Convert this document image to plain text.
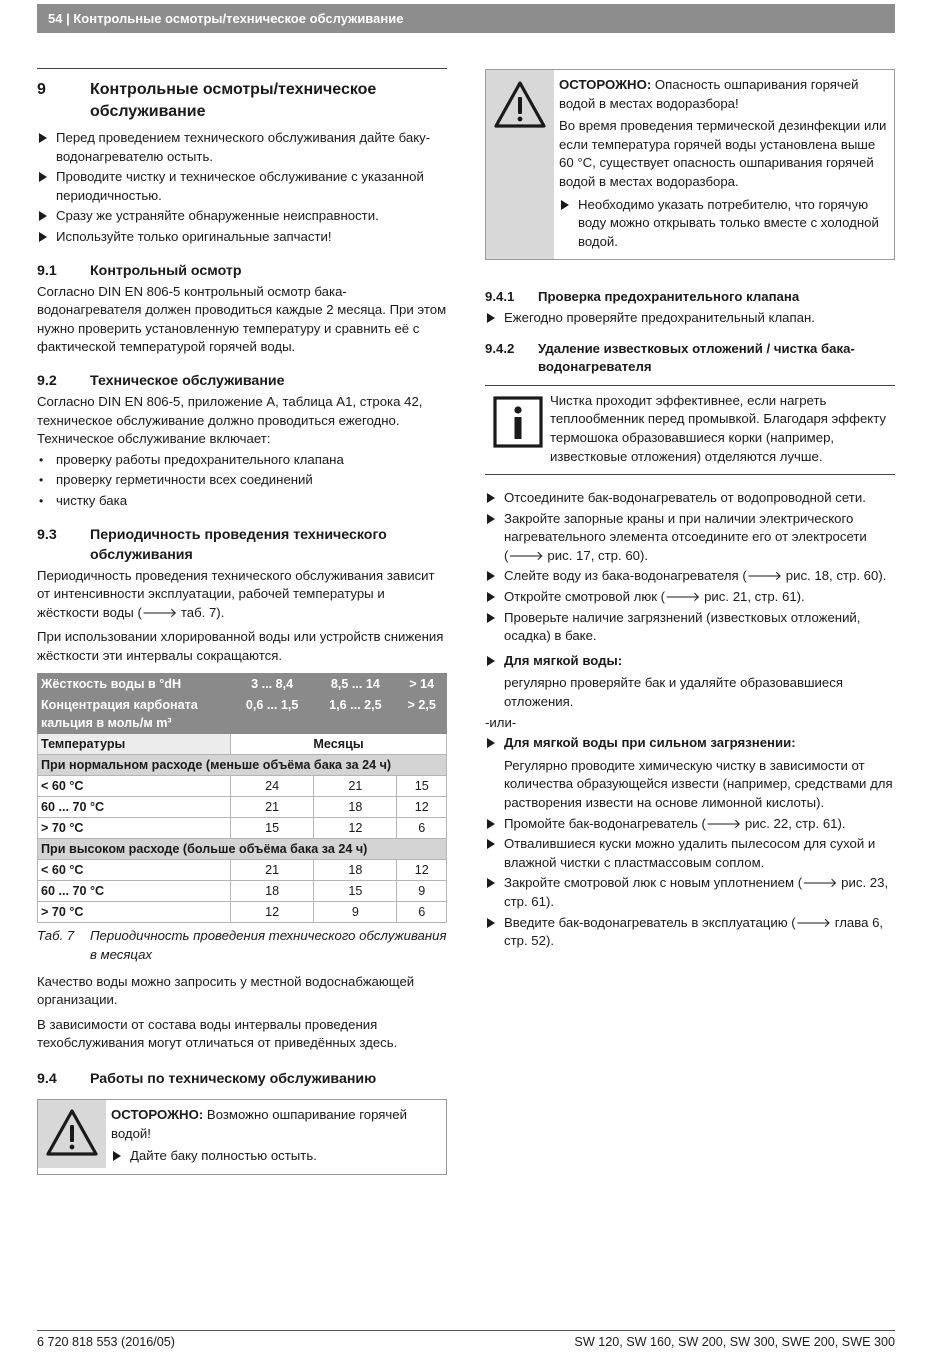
54 | Контрольные осмотры/техническое обслуживание
9	Контрольные осмотры/техническое обслуживание
Перед проведением технического обслуживания дайте баку-водонагревателю остыть.
Проводите чистку и техническое обслуживание с указанной периодичностью.
Сразу же устраняйте обнаруженные неисправности.
Используйте только оригинальные запчасти!
9.1	Контрольный осмотр

Согласно DIN EN 806-5 контрольный осмотр бака-водонагревателя должен проводиться каждые 2 месяца. При этом нужно проверить установленную температуру и сравнить её с фактической температурой горячей воды.

9.2	Техническое обслуживание

Согласно DIN EN 806-5, приложение A, таблица A1, строка 42, техническое обслуживание должно проводиться ежегодно. Техническое обслуживание включает:

• проверку работы предохранительного клапана
• проверку герметичности всех соединений
• чистку бака
9.3	Периодичность проведения технического обслуживания

Периодичность проведения технического обслуживания зависит от интенсивности эксплуатации, рабочей температуры и жёсткости воды (🡒 таб. 7).

При использовании хлорированной воды или устройств снижения жёсткости эти интервалы сокращаются.

Жёсткость воды в °dH	3 ... 8,4	8,5 ... 14	> 14
Концентрация карбоната кальция в моль/м m³	0,6 ... 1,5	1,6 ... 2,5	> 2,5
Температуры	Месяцы		
При нормальном расходе (меньше объёма бака за 24 ч)			
< 60 °C	24	21	15
60 ... 70 °C	21	18	12
> 70 °C	15	12	6
При высоком расходе (больше объёма бака за 24 ч)			
< 60 °C	21	18	12
60 ... 70 °C	18	15	9
> 70 °C	12	9	6
Таб. 7	Периодичность проведения технического обслуживания в месяцах

Качество воды можно запросить у местной водоснабжающей организации.

В зависимости от состава воды интервалы проведения техобслуживания могут отличаться от приведённых здесь.

9.4	Работы по техническому обслуживанию

ОСТОРОЖНО: Возможно ошпаривание горячей водой!

Дайте баку полностью остыть.

ОСТОРОЖНО: Опасность ошпаривания горячей водой в местах водоразбора!

Во время проведения термической дезинфекции или если температура горячей воды установлена выше 60 °C, существует опасность ошпаривания горячей водой в местах водоразбора.

Необходимо указать потребителю, что горячую воду можно открывать только вместе с холодной водой.
9.4.1	Проверка предохранительного клапана
Ежегодно проверяйте предохранительный клапан.
9.4.2	Удаление известковых отложений / чистка бака-водонагревателя
Чистка проходит эффективнее, если нагреть теплообменник перед промывкой. Благодаря эффекту термошока образовавшиеся корки (например, известковые отложения) отделяются лучше.
Отсоедините бак-водонагреватель от водопроводной сети.
Закройте запорные краны и при наличии электрического нагревательного элемента отсоедините его от электросети (🡒 рис. 17, стр. 60).
Слейте воду из бака-водонагревателя (🡒 рис. 18, стр. 60).
Откройте смотровой люк (🡒 рис. 21, стр. 61).
Проверьте наличие загрязнений (известковых отложений, осадка) в баке.
Для мягкой воды:
регулярно проверяйте бак и удаляйте образовавшиеся отложения.
-или-
Для мягкой воды при сильном загрязнении:
Регулярно проводите химическую чистку в зависимости от количества образующейся извести (например, средствами для растворения извести на основе лимонной кислоты).
Промойте бак-водонагреватель (🡒 рис. 22, стр. 61).
Отвалившиеся куски можно удалить пылесосом для сухой и влажной чистки с пластмассовым соплом.
Закройте смотровой люк с новым уплотнением (🡒 рис. 23, стр. 61).
Введите бак-водонагреватель в эксплуатацию (🡒 глава 6, стр. 52).
6 720 818 553 (2016/05)	SW 120, SW 160, SW 200, SW 300, SWE 200, SWE 300
